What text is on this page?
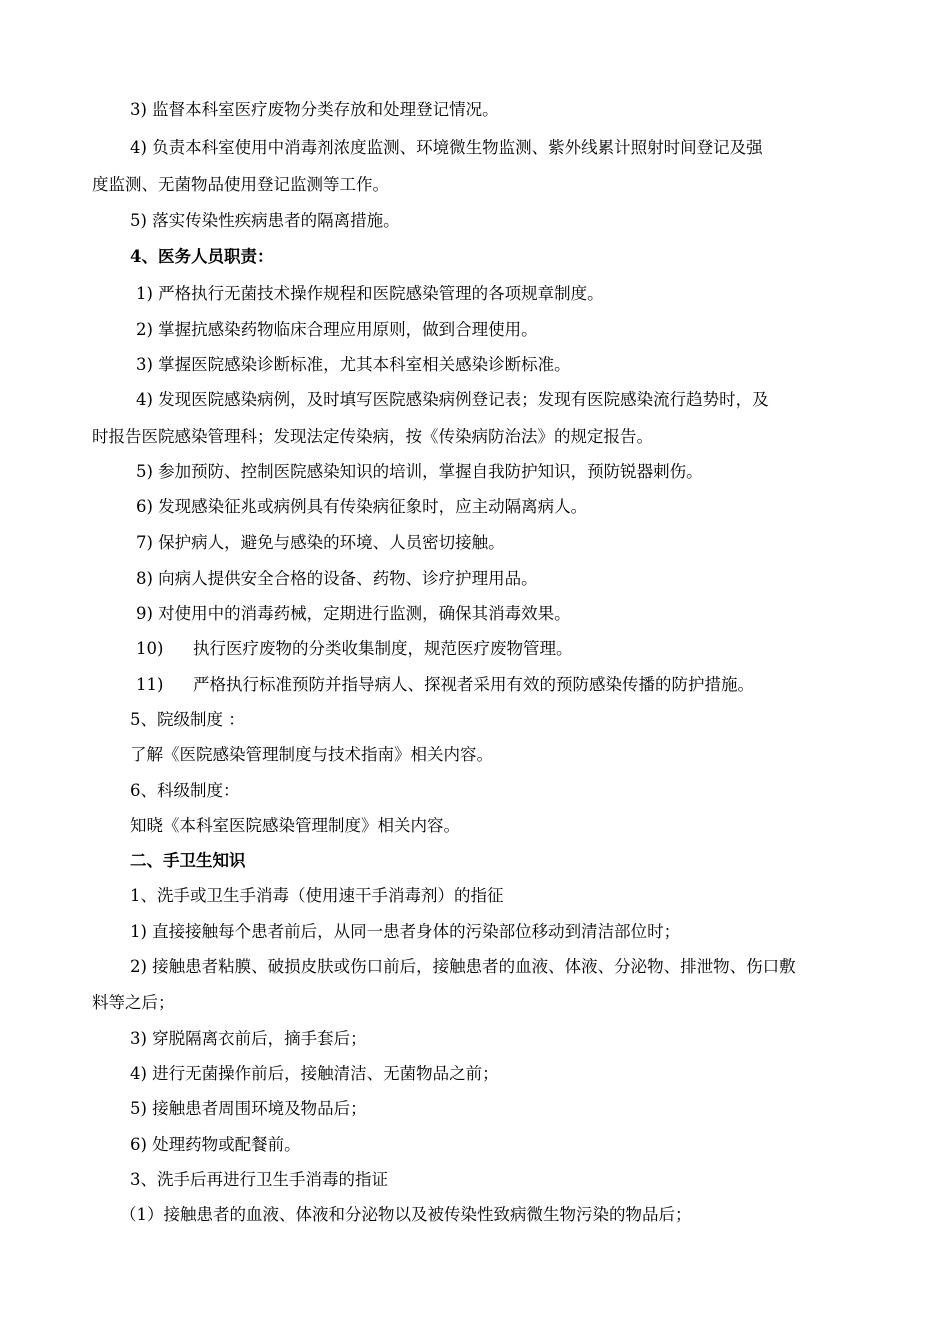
3) 监督本科室医疗废物分类存放和处理登记情况。
4) 负责本科室使用中消毒剂浓度监测、环境微生物监测、紫外线累计照射时间登记及强
度监测、无菌物品使用登记监测等工作。
5) 落实传染性疾病患者的隔离措施。
4、医务人员职责：
1) 严格执行无菌技术操作规程和医院感染管理的各项规章制度。
2) 掌握抗感染药物临床合理应用原则，做到合理使用。
3) 掌握医院感染诊断标准，尤其本科室相关感染诊断标准。
4) 发现医院感染病例，及时填写医院感染病例登记表；发现有医院感染流行趋势时，及
时报告医院感染管理科；发现法定传染病，按《传染病防治法》的规定报告。
5) 参加预防、控制医院感染知识的培训，掌握自我防护知识，预防锐器刺伤。
6) 发现感染征兆或病例具有传染病征象时，应主动隔离病人。
7) 保护病人，避免与感染的环境、人员密切接触。
8) 向病人提供安全合格的设备、药物、诊疗护理用品。
9) 对使用中的消毒药械，定期进行监测，确保其消毒效果。
10) 执行医疗废物的分类收集制度，规范医疗废物管理。
11) 严格执行标准预防并指导病人、探视者采用有效的预防感染传播的防护措施。
5、院级制度 ：
了解《医院感染管理制度与技术指南》相关内容。
6、科级制度：
知晓《本科室医院感染管理制度》相关内容。
二、手卫生知识
1、洗手或卫生手消毒（使用速干手消毒剂）的指征
1) 直接接触每个患者前后，从同一患者身体的污染部位移动到清洁部位时；
2) 接触患者粘膜、破损皮肤或伤口前后，接触患者的血液、体液、分泌物、排泄物、伤口敷
料等之后；
3) 穿脱隔离衣前后，摘手套后；
4) 进行无菌操作前后，接触清洁、无菌物品之前；
5) 接触患者周围环境及物品后；
6) 处理药物或配餐前。
3、洗手后再进行卫生手消毒的指证
（1）接触患者的血液、体液和分泌物以及被传染性致病微生物污染的物品后；
